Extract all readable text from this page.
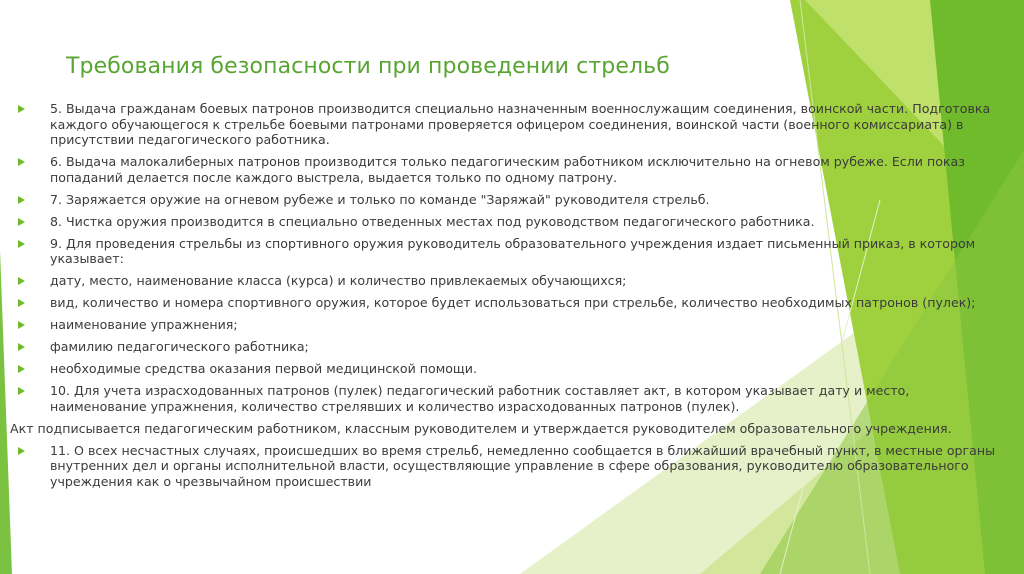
Требования безопасности при проведении стрельб
5. Выдача гражданам боевых патронов производится специально назначенным военнослужащим соединения, воинской части. Подготовка каждого обучающегося к стрельбе боевыми патронами проверяется офицером соединения, воинской части (военного комиссариата) в присутствии педагогического работника.
6. Выдача малокалиберных патронов производится только педагогическим работником исключительно на огневом рубеже. Если показ попаданий делается после каждого выстрела, выдается только по одному патрону.
7. Заряжается оружие на огневом рубеже и только по команде "Заряжай" руководителя стрельб.
8. Чистка оружия производится в специально отведенных местах под руководством педагогического работника.
9. Для проведения стрельбы из спортивного оружия руководитель образовательного учреждения издает письменный приказ, в котором указывает:
дату, место, наименование класса (курса) и количество привлекаемых обучающихся;
вид, количество и номера спортивного оружия, которое будет использоваться при стрельбе, количество необходимых патронов (пулек);
наименование упражнения;
фамилию педагогического работника;
необходимые средства оказания первой медицинской помощи.
10. Для учета израсходованных патронов (пулек) педагогический работник составляет акт, в котором указывает дату и место, наименование упражнения, количество стрелявших и количество израсходованных патронов (пулек).
Акт подписывается педагогическим работником, классным руководителем и утверждается руководителем образовательного учреждения.
11. О всех несчастных случаях, происшедших во время стрельб, немедленно сообщается в ближайший врачебный пункт, в местные органы внутренних дел и органы исполнительной власти, осуществляющие управление в сфере образования, руководителю образовательного учреждения как о чрезвычайном происшествии
